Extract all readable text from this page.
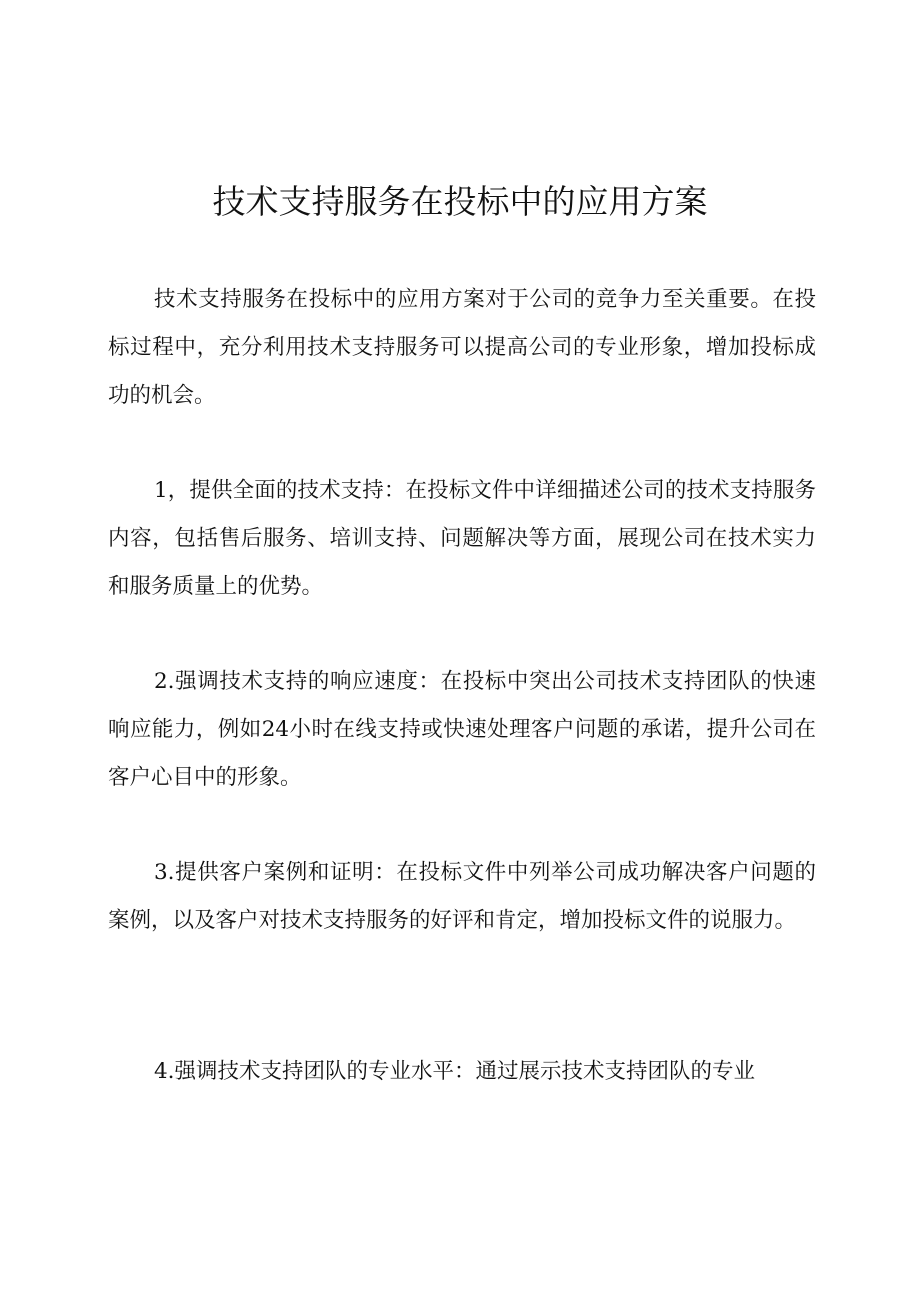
技术支持服务在投标中的应用方案

技术支持服务在投标中的应用方案对于公司的竞争力至关重要。在投标过程中，充分利用技术支持服务可以提高公司的专业形象，增加投标成功的机会。

1，提供全面的技术支持：在投标文件中详细描述公司的技术支持服务内容，包括售后服务、培训支持、问题解决等方面，展现公司在技术实力和服务质量上的优势。

2.强调技术支持的响应速度：在投标中突出公司技术支持团队的快速响应能力，例如24小时在线支持或快速处理客户问题的承诺，提升公司在客户心目中的形象。

3.提供客户案例和证明：在投标文件中列举公司成功解决客户问题的案例，以及客户对技术支持服务的好评和肯定，增加投标文件的说服力。

4.强调技术支持团队的专业水平：通过展示技术支持团队的专业
